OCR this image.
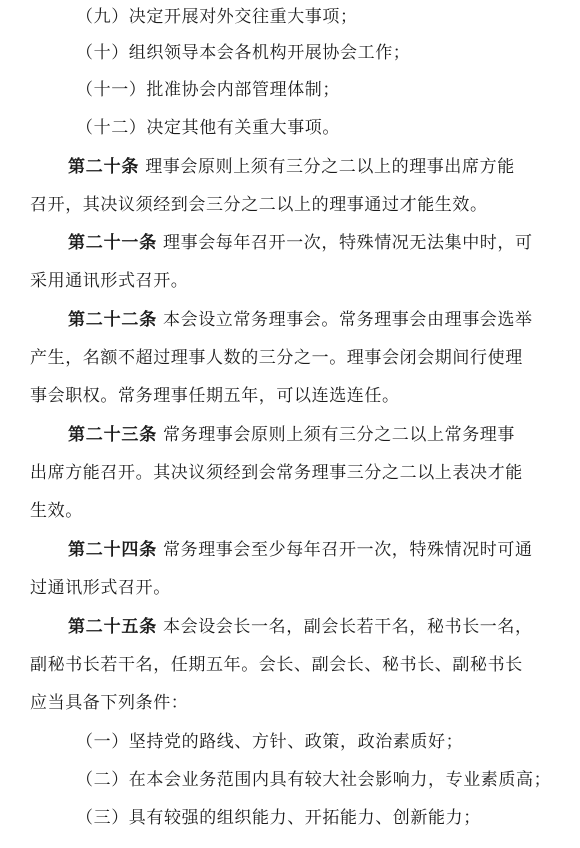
（九）决定开展对外交往重大事项；
（十）组织领导本会各机构开展协会工作；
（十一）批准协会内部管理体制；
（十二）决定其他有关重大事项。
第二十条 理事会原则上须有三分之二以上的理事出席方能
召开，其决议须经到会三分之二以上的理事通过才能生效。
第二十一条 理事会每年召开一次，特殊情况无法集中时，可
采用通讯形式召开。
第二十二条 本会设立常务理事会。常务理事会由理事会选举
产生，名额不超过理事人数的三分之一。理事会闭会期间行使理
事会职权。常务理事任期五年，可以连选连任。
第二十三条 常务理事会原则上须有三分之二以上常务理事
出席方能召开。其决议须经到会常务理事三分之二以上表决才能
生效。
第二十四条 常务理事会至少每年召开一次，特殊情况时可通
过通讯形式召开。
第二十五条 本会设会长一名，副会长若干名，秘书长一名，
副秘书长若干名，任期五年。会长、副会长、秘书长、副秘书长
应当具备下列条件：
（一）坚持党的路线、方针、政策，政治素质好；
（二）在本会业务范围内具有较大社会影响力，专业素质高；
（三）具有较强的组织能力、开拓能力、创新能力；
